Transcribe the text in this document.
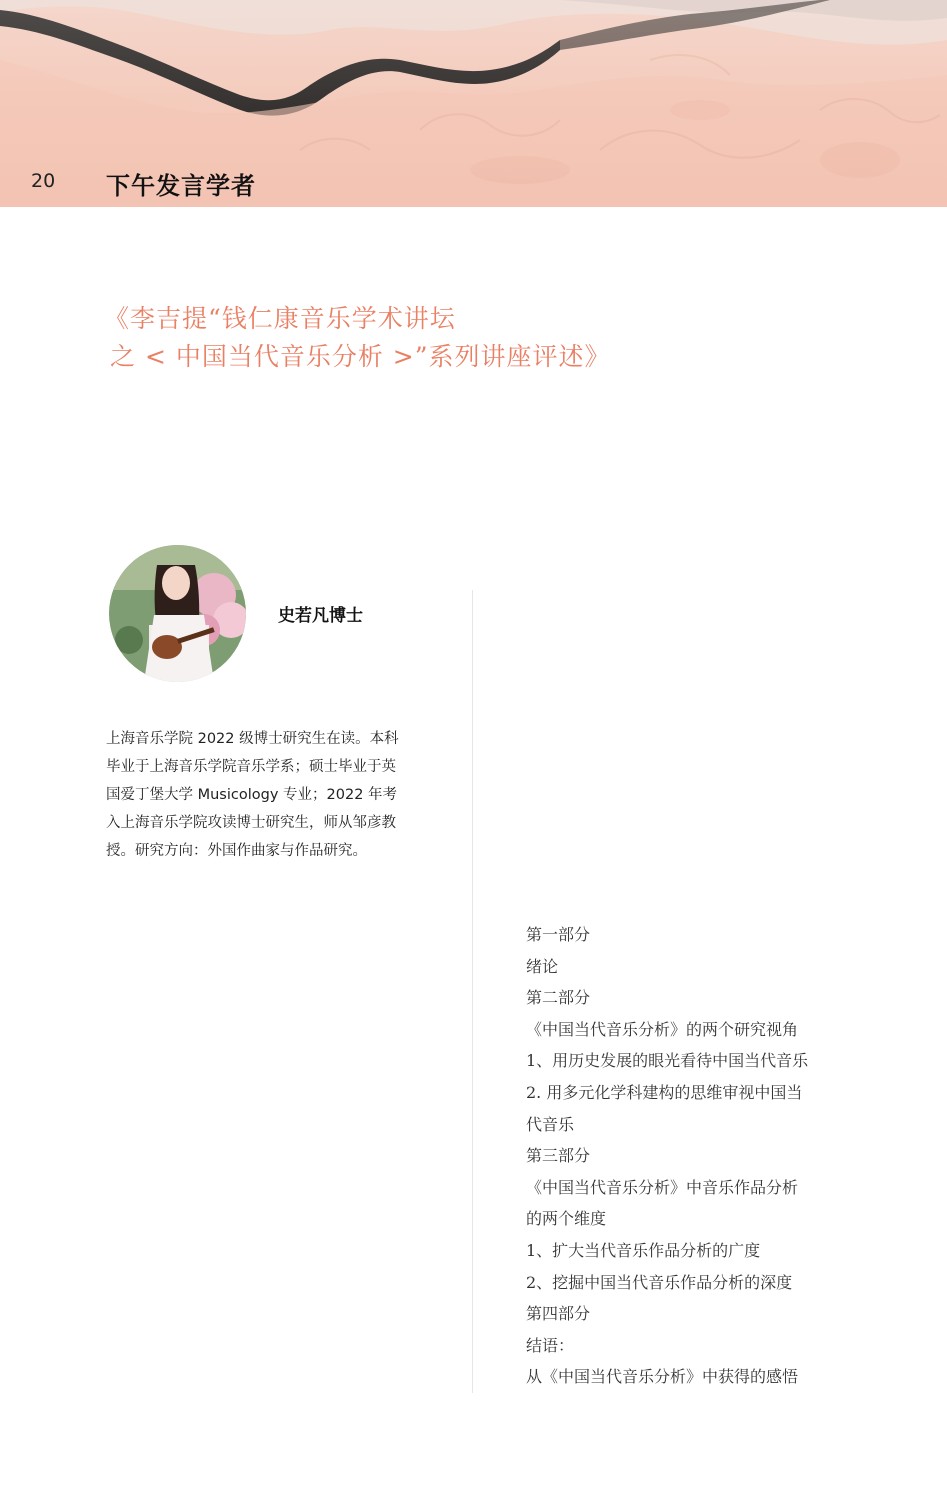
20 下午发言学者
《李吉提“钱仁康音乐学术讲坛
之 < 中国当代音乐分析 >”系列讲座评述》
史若凡博士
上海音乐学院 2022 级博士研究生在读。本科
毕业于上海音乐学院音乐学系；硕士毕业于英
国爱丁堡大学 Musicology 专业；2022 年考
入上海音乐学院攻读博士研究生，师从邹彦教
授。研究方向：外国作曲家与作品研究。
第一部分
绪论
第二部分
《中国当代音乐分析》的两个研究视角
1、用历史发展的眼光看待中国当代音乐
2. 用多元化学科建构的思维审视中国当
代音乐
第三部分
《中国当代音乐分析》中音乐作品分析
的两个维度
1、扩大当代音乐作品分析的广度
2、挖掘中国当代音乐作品分析的深度
第四部分
结语：
从《中国当代音乐分析》中获得的感悟
